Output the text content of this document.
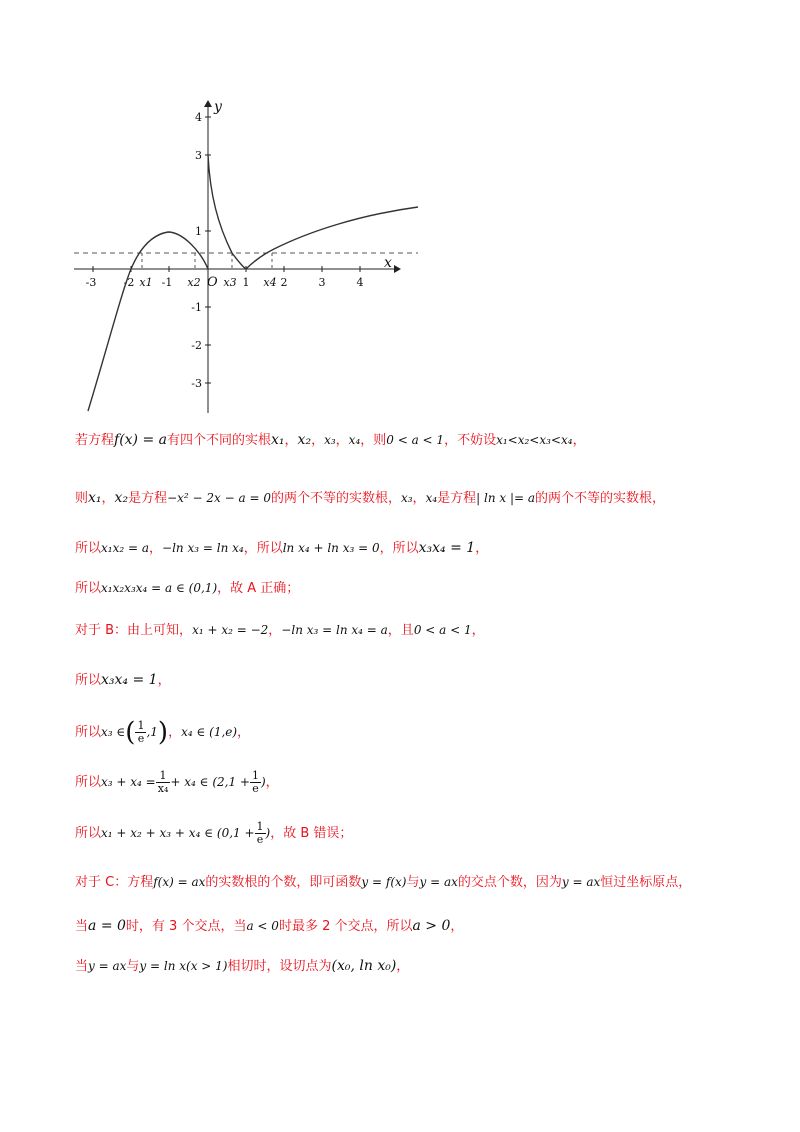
y
x
O
4
3
1
-1
-2
-3
-3 -2 x1 -1 x2 x3 1 x4 2	3	4
若方程f(x) = a有四个不同的实根x₁，x₂，x₃，x₄，则0 < a < 1，不妨设x₁<x₂<x₃<x₄，
则x₁，x₂是方程−x² − 2x − a = 0的两个不等的实数根，x₃，x₄是方程| ln x |= a的两个不等的实数根，
所以x₁x₂ = a，−ln x₃ = ln x₄，所以ln x₄ + ln x₃ = 0，所以x₃x₄ = 1，
所以x₁x₂x₃x₄ = a ∈ (0,1)，故 A 正确；
对于 B：由上可知，x₁ + x₂ = −2，−ln x₃ = ln x₄ = a，且0 < a < 1，
所以x₃x₄ = 1，
所以x₃ ∈( $\frac{1}{e} ,1$)，x₄ ∈ (1,e)，
所以$x_3 + x_4 = \frac{1}{\text{x₄}} + x_4$ ∈ ($2,1 + \frac{1}{e}$ )，
所以x₁ + x₂ + x₃ + x₄ ∈ ($0,1 + \frac{1}{e}$ )，故 B 错误；
对于 C：方程f(x) = ax的实数根的个数，即可函数y = f(x)与y = ax的交点个数，因为y = ax恒过坐标原点，
当a = 0时，有 3 个交点，当a < 0时最多 2 个交点，所以a > 0，
当y = ax与y = ln x(x > 1)相切时，设切点为(x₀, ln x₀)，
